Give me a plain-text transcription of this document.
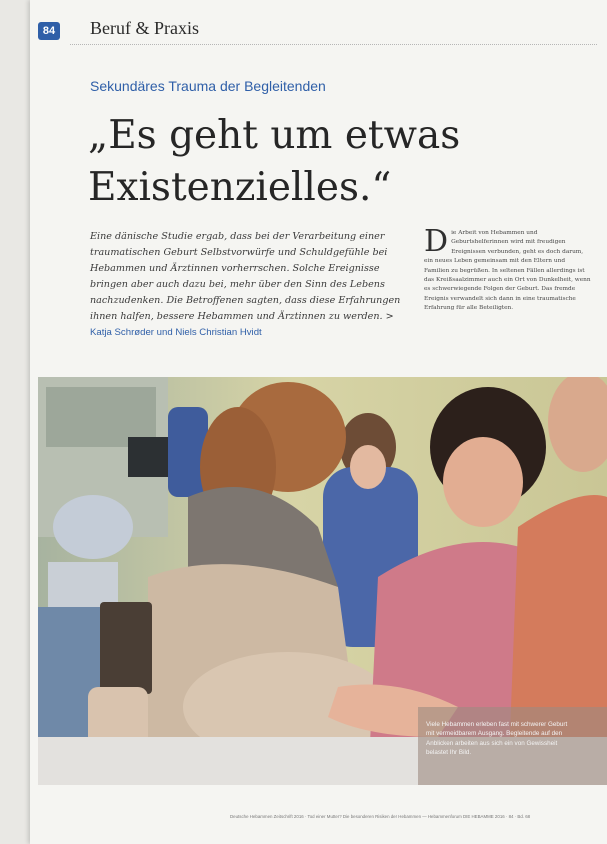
84 Beruf & Praxis
Sekundäres Trauma der Begleitenden
„Es geht um etwas
Existenzielles.“
Eine dänische Studie ergab, dass bei der Verarbeitung einer traumatischen Geburt Selbstvorwürfe und Schuldgefühle bei Hebammen und Ärztinnen vorherrschen. Solche Ereignisse bringen aber auch dazu bei, mehr über den Sinn des Lebens nachzudenken. Die Betroffenen sagten, dass diese Erfahrungen ihnen halfen, bessere Hebammen und Ärztinnen zu werden. > Katja Schrøder und Niels Christian Hvidt
D ie Arbeit von Hebammen und Geburtshelferinnen wird mit freudigen Ereignissen verbunden, geht es doch darum, ein neues Leben gemeinsam mit den Eltern und Familien zu begrüßen. In seltenen Fällen allerdings ist das Kreißsaalzimmer auch ein Ort von Dunkelheit, wenn es schwerwiegende Folgen der Geburt. Das fremde Ereignis verwandelt sich dann in eine traumatische Erfahrung für alle Beteiligten.
Viele Hebammen erleben fast mit schwerer Geburt mit vermeidbarem Ausgang. Begleitende auf den Anblicken arbeiten aus sich ein von Gewissheit belastet Ihr Bild.
Deutsche Hebammen Zeitschrift 2016 · Tod einer Mutter? Die besonderen Risiken der Hebammen — Hebammenforum DIE HEBAMME 2016 · 84 · Bd. 68
